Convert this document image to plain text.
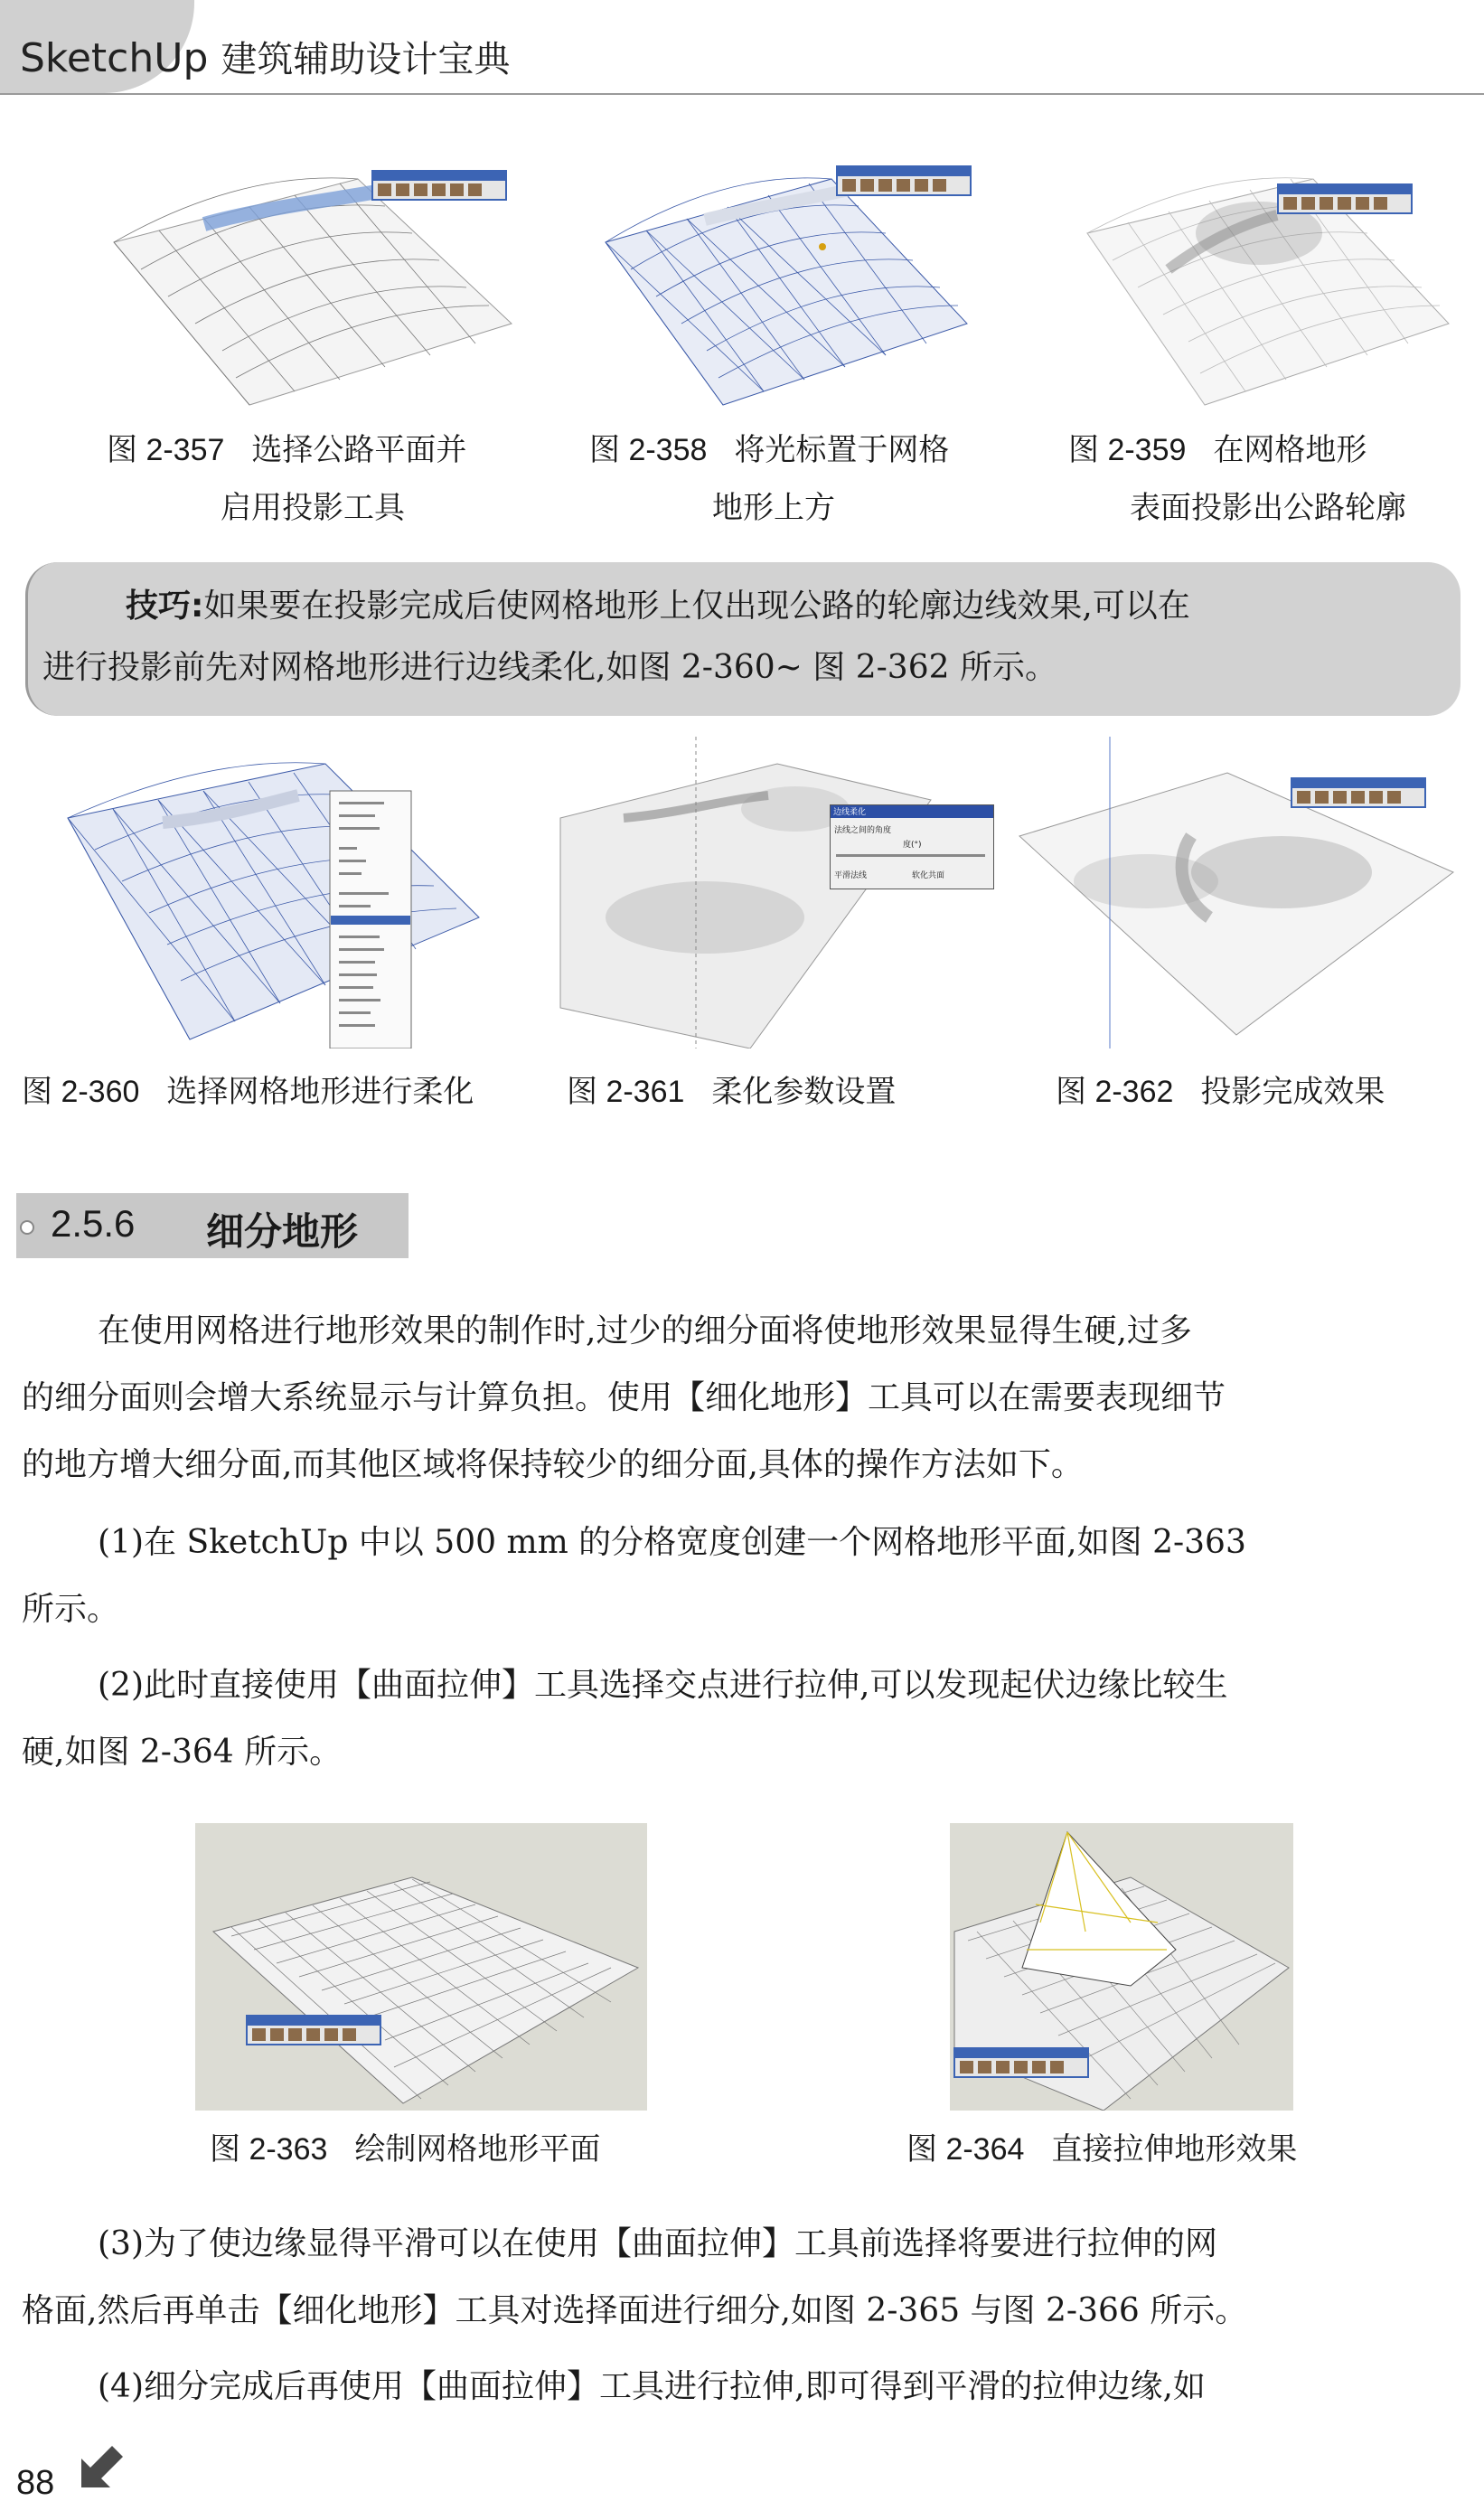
SketchUp 建筑辅助设计宝典
图 2-357 选择公路平面并
启用投影工具
图 2-358 将光标置于网格
地形上方
图 2-359 在网格地形
表面投影出公路轮廓

技巧:如果要在投影完成后使网格地形上仅出现公路的轮廓边线效果,可以在

进行投影前先对网格地形进行边线柔化,如图 2-360~ 图 2-362 所示。

边线柔化
法线之间的角度
度(°)
平滑法线	软化共面
图 2-360 选择网格地形进行柔化	图 2-361 柔化参数设置	图 2-362 投影完成效果
2.5.6 细分地形
在使用网格进行地形效果的制作时,过少的细分面将使地形效果显得生硬,过多
的细分面则会增大系统显示与计算负担。使用【细化地形】工具可以在需要表现细节
的地方增大细分面,而其他区域将保持较少的细分面,具体的操作方法如下。
(1)在 SketchUp 中以 500 mm 的分格宽度创建一个网格地形平面,如图 2-363
所示。
(2)此时直接使用【曲面拉伸】工具选择交点进行拉伸,可以发现起伏边缘比较生
硬,如图 2-364 所示。
图 2-363 绘制网格地形平面	图 2-364 直接拉伸地形效果
(3)为了使边缘显得平滑可以在使用【曲面拉伸】工具前选择将要进行拉伸的网
格面,然后再单击【细化地形】工具对选择面进行细分,如图 2-365 与图 2-366 所示。
(4)细分完成后再使用【曲面拉伸】工具进行拉伸,即可得到平滑的拉伸边缘,如
88
